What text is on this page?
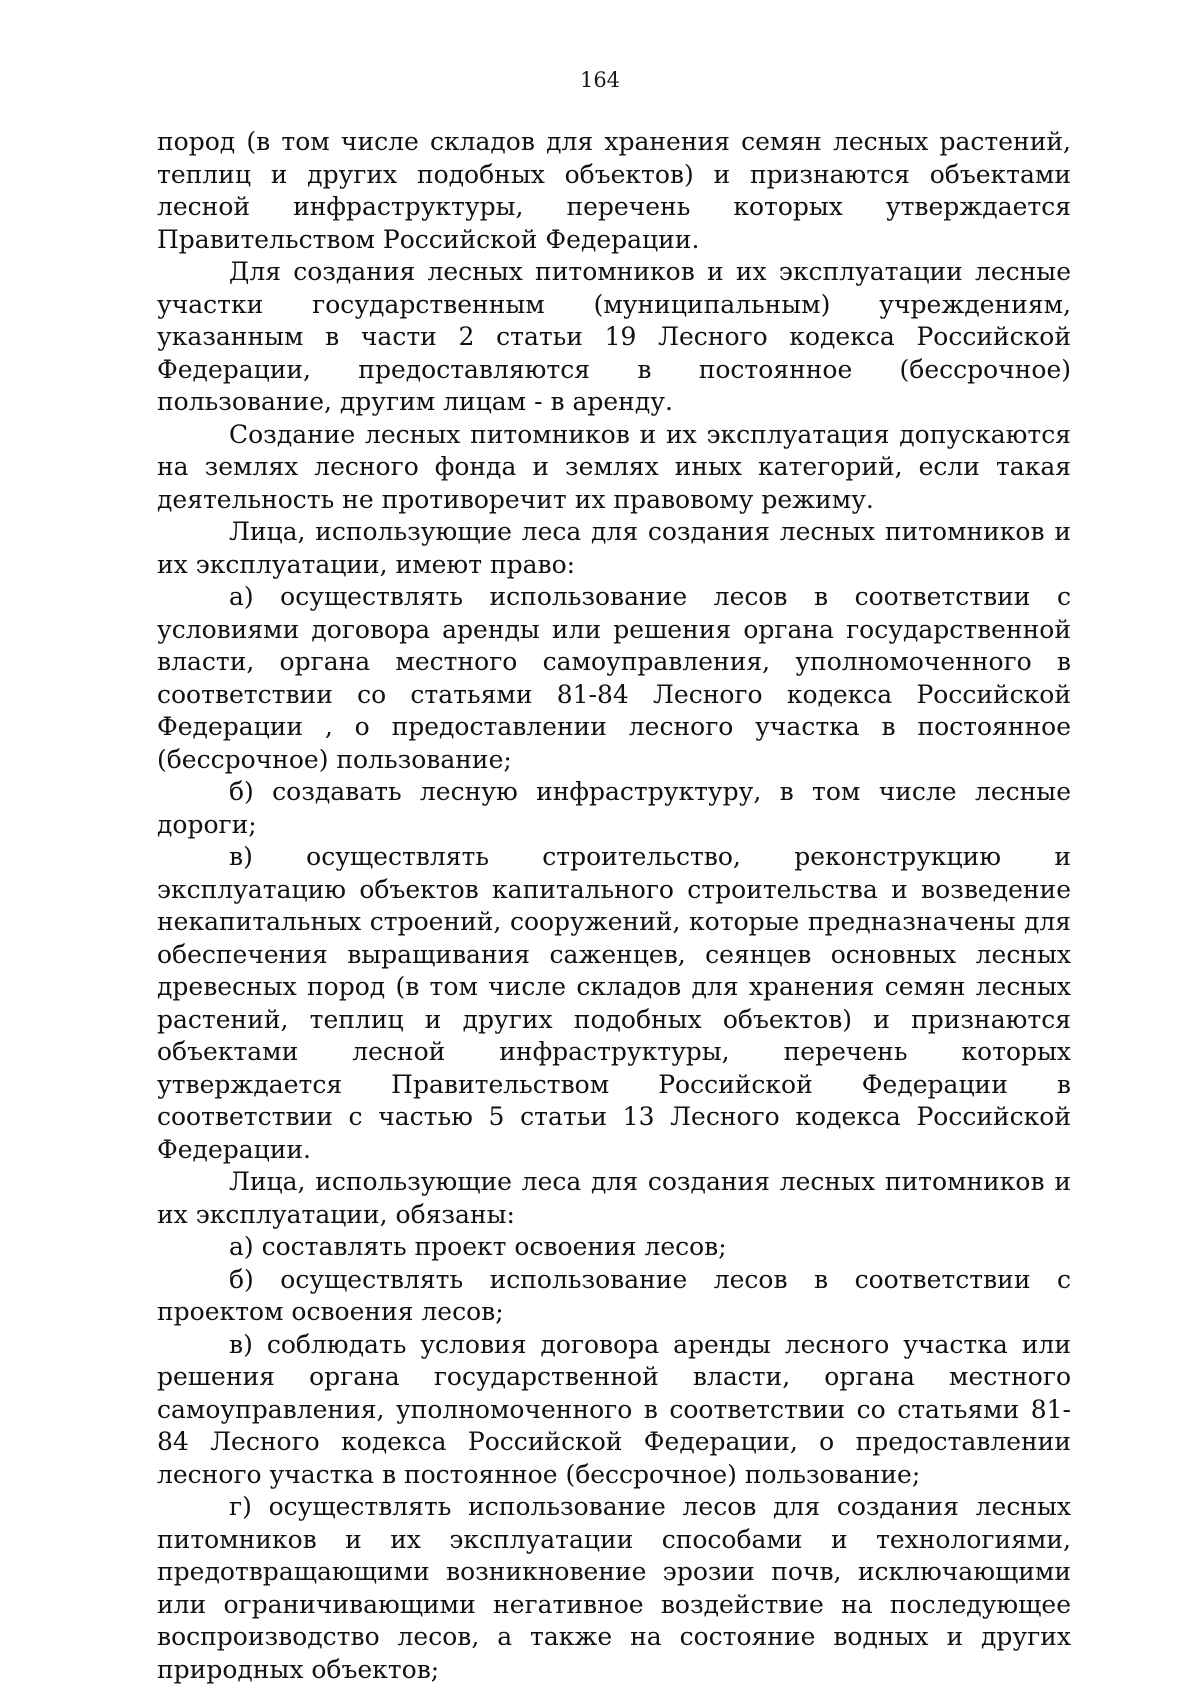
164

пород (в том числе складов для хранения семян лесных растений, теплиц и других подобных объектов) и признаются объектами лесной инфраструктуры, перечень которых утверждается Правительством Российской Федерации.

Для создания лесных питомников и их эксплуатации лесные участки государственным (муниципальным) учреждениям, указанным в части 2 статьи 19 Лесного кодекса Российской Федерации, предоставляются в постоянное (бессрочное) пользование, другим лицам - в аренду.

Создание лесных питомников и их эксплуатация допускаются на землях лесного фонда и землях иных категорий, если такая деятельность не противоречит их правовому режиму.

Лица, использующие леса для создания лесных питомников и их эксплуатации, имеют право:

а) осуществлять использование лесов в соответствии с условиями договора аренды или решения органа государственной власти, органа местного самоуправления, уполномоченного в соответствии со статьями 81-84 Лесного кодекса Российской Федерации , о предоставлении лесного участка в постоянное (бессрочное) пользование;

б) создавать лесную инфраструктуру, в том числе лесные дороги;

в) осуществлять строительство, реконструкцию и эксплуатацию объектов капитального строительства и возведение некапитальных строений, сооружений, которые предназначены для обеспечения выращивания саженцев, сеянцев основных лесных древесных пород (в том числе складов для хранения семян лесных растений, теплиц и других подобных объектов) и признаются объектами лесной инфраструктуры, перечень которых утверждается Правительством Российской Федерации в соответствии с частью 5 статьи 13 Лесного кодекса Российской Федерации.

Лица, использующие леса для создания лесных питомников и их эксплуатации, обязаны:

а) составлять проект освоения лесов;

б) осуществлять использование лесов в соответствии с проектом освоения лесов;

в) соблюдать условия договора аренды лесного участка или решения органа государственной власти, органа местного самоуправления, уполномоченного в соответствии со статьями 81-84 Лесного кодекса Российской Федерации, о предоставлении лесного участка в постоянное (бессрочное) пользование;

г) осуществлять использование лесов для создания лесных питомников и их эксплуатации способами и технологиями, предотвращающими возникновение эрозии почв, исключающими или ограничивающими негативное воздействие на последующее воспроизводство лесов, а также на состояние водных и других природных объектов;
